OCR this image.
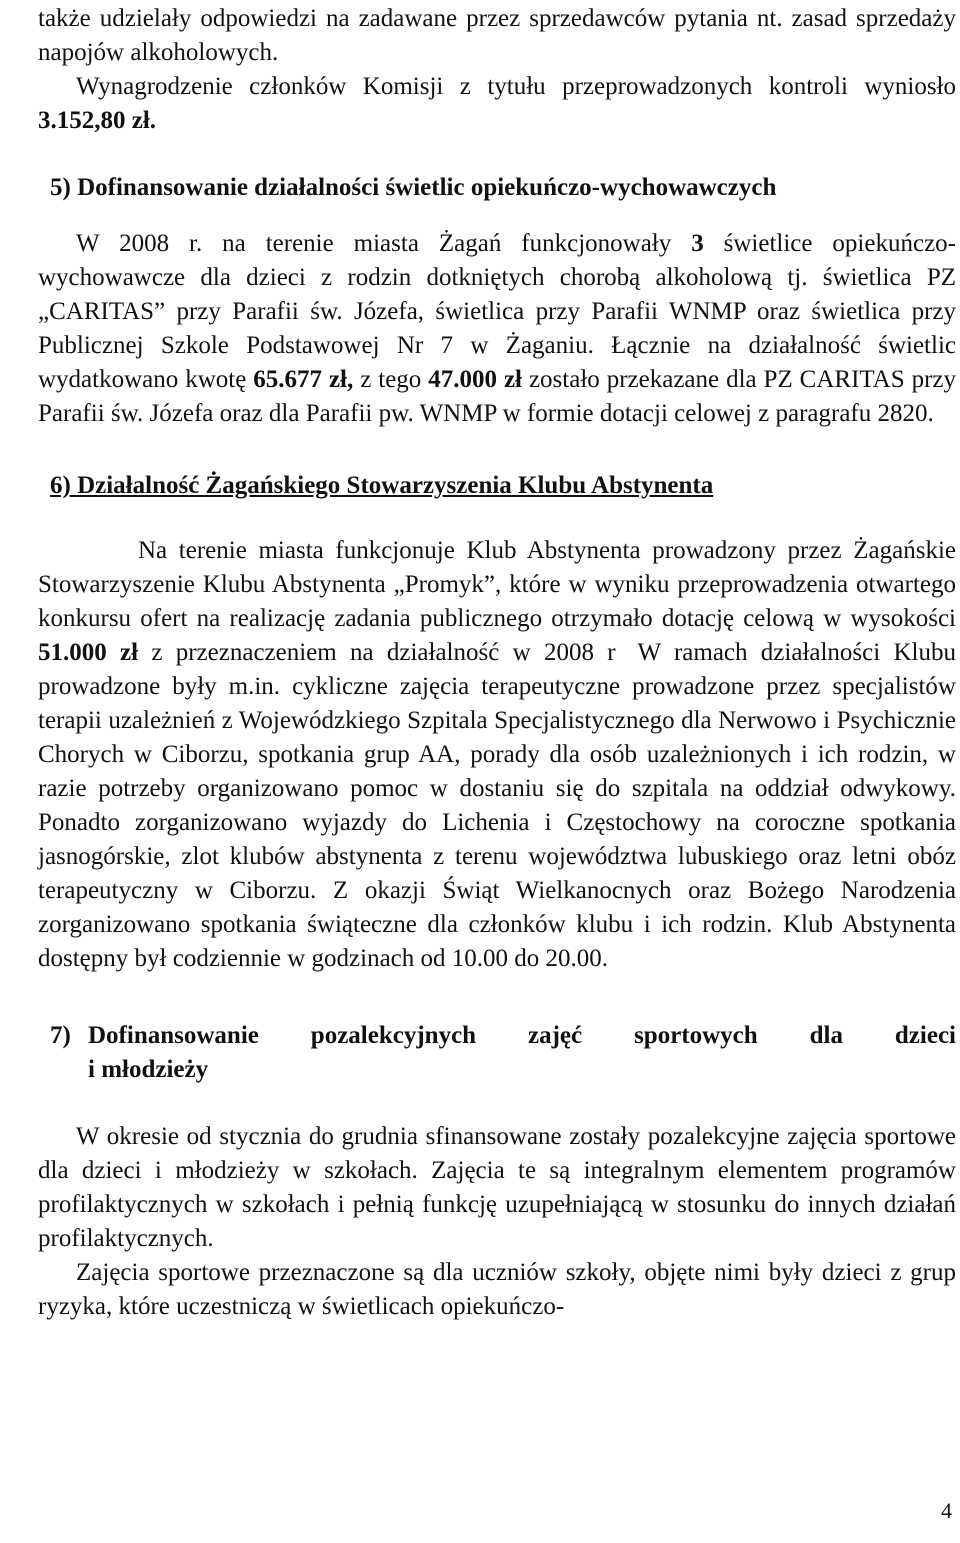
także udzielały odpowiedzi na zadawane przez sprzedawców pytania nt. zasad sprzedaży napojów alkoholowych.
Wynagrodzenie członków Komisji z tytułu przeprowadzonych kontroli wyniosło 3.152,80 zł.

5) Dofinansowanie działalności świetlic opiekuńczo-wychowawczych

W 2008 r. na terenie miasta Żagań funkcjonowały 3 świetlice opiekuńczo-wychowawcze dla dzieci z rodzin dotkniętych chorobą alkoholową tj. świetlica PZ „CARITAS” przy Parafii św. Józefa, świetlica przy Parafii WNMP oraz świetlica przy Publicznej Szkole Podstawowej Nr 7 w Żaganiu. Łącznie na działalność świetlic wydatkowano kwotę 65.677 zł, z tego 47.000 zł zostało przekazane dla PZ CARITAS przy Parafii św. Józefa oraz dla Parafii pw. WNMP w formie dotacji celowej z paragrafu 2820.

6) Działalność Żagańskiego Stowarzyszenia Klubu Abstynenta

Na terenie miasta funkcjonuje Klub Abstynenta prowadzony przez Żagańskie Stowarzyszenie Klubu Abstynenta „Promyk”, które w wyniku przeprowadzenia otwartego konkursu ofert na realizację zadania publicznego otrzymało dotację celową w wysokości 51.000 zł z przeznaczeniem na działalność w 2008 r W ramach działalności Klubu prowadzone były m.in. cykliczne zajęcia terapeutyczne prowadzone przez specjalistów terapii uzależnień z Wojewódzkiego Szpitala Specjalistycznego dla Nerwowo i Psychicznie Chorych w Ciborzu, spotkania grup AA, porady dla osób uzależnionych i ich rodzin, w razie potrzeby organizowano pomoc w dostaniu się do szpitala na oddział odwykowy. Ponadto zorganizowano wyjazdy do Lichenia i Częstochowy na coroczne spotkania jasnogórskie, zlot klubów abstynenta z terenu województwa lubuskiego oraz letni obóz terapeutyczny w Ciborzu. Z okazji Świąt Wielkanocnych oraz Bożego Narodzenia zorganizowano spotkania świąteczne dla członków klubu i ich rodzin. Klub Abstynenta dostępny był codziennie w godzinach od 10.00 do 20.00.

7) Dofinansowanie pozalekcyjnych zajęć sportowych dla dzieci
i młodzieży

W okresie od stycznia do grudnia sfinansowane zostały pozalekcyjne zajęcia sportowe dla dzieci i młodzieży w szkołach. Zajęcia te są integralnym elementem programów profilaktycznych w szkołach i pełnią funkcję uzupełniającą w stosunku do innych działań profilaktycznych.

Zajęcia sportowe przeznaczone są dla uczniów szkoły, objęte nimi były dzieci z grup ryzyka, które uczestniczą w świetlicach opiekuńczo-

4
